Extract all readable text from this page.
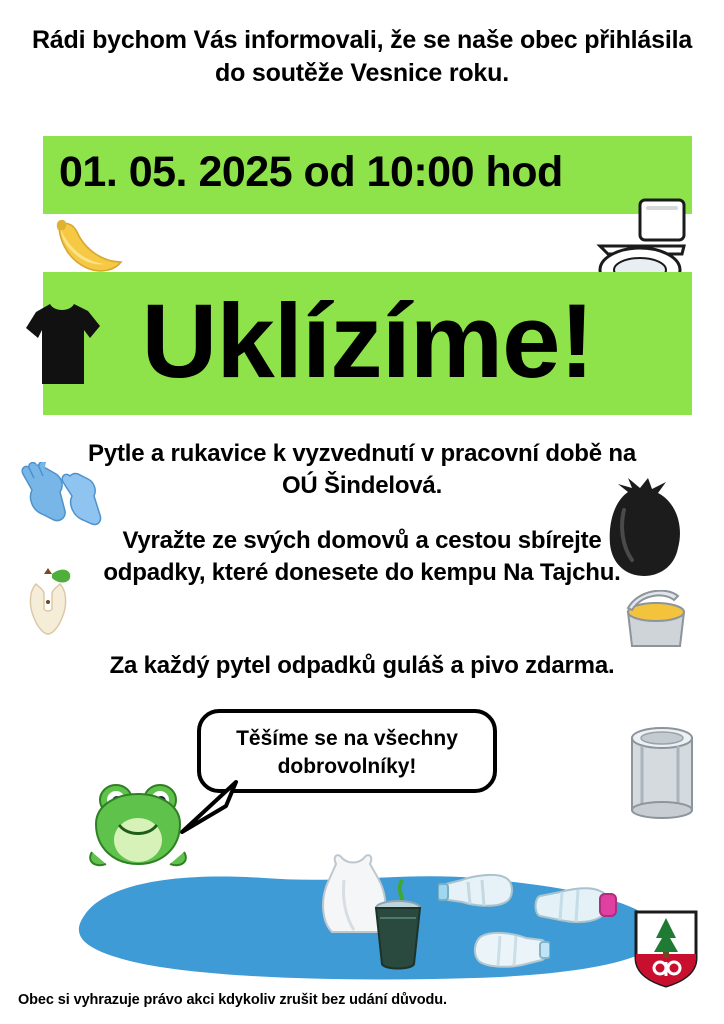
Rádi bychom Vás informovali, že se naše obec přihlásila do soutěže Vesnice roku.
01. 05. 2025 od 10:00 hod
Uklízíme!
Pytle a rukavice k vyzvednutí v pracovní době na OÚ Šindelová.
Vyražte ze svých domovů a cestou sbírejte odpadky, které donesete do kempu Na Tajchu.
Za každý pytel odpadků guláš a pivo zdarma.
Těšíme se na všechny dobrovolníky!
Obec si vyhrazuje právo akci kdykoliv zrušit bez udání důvodu.
